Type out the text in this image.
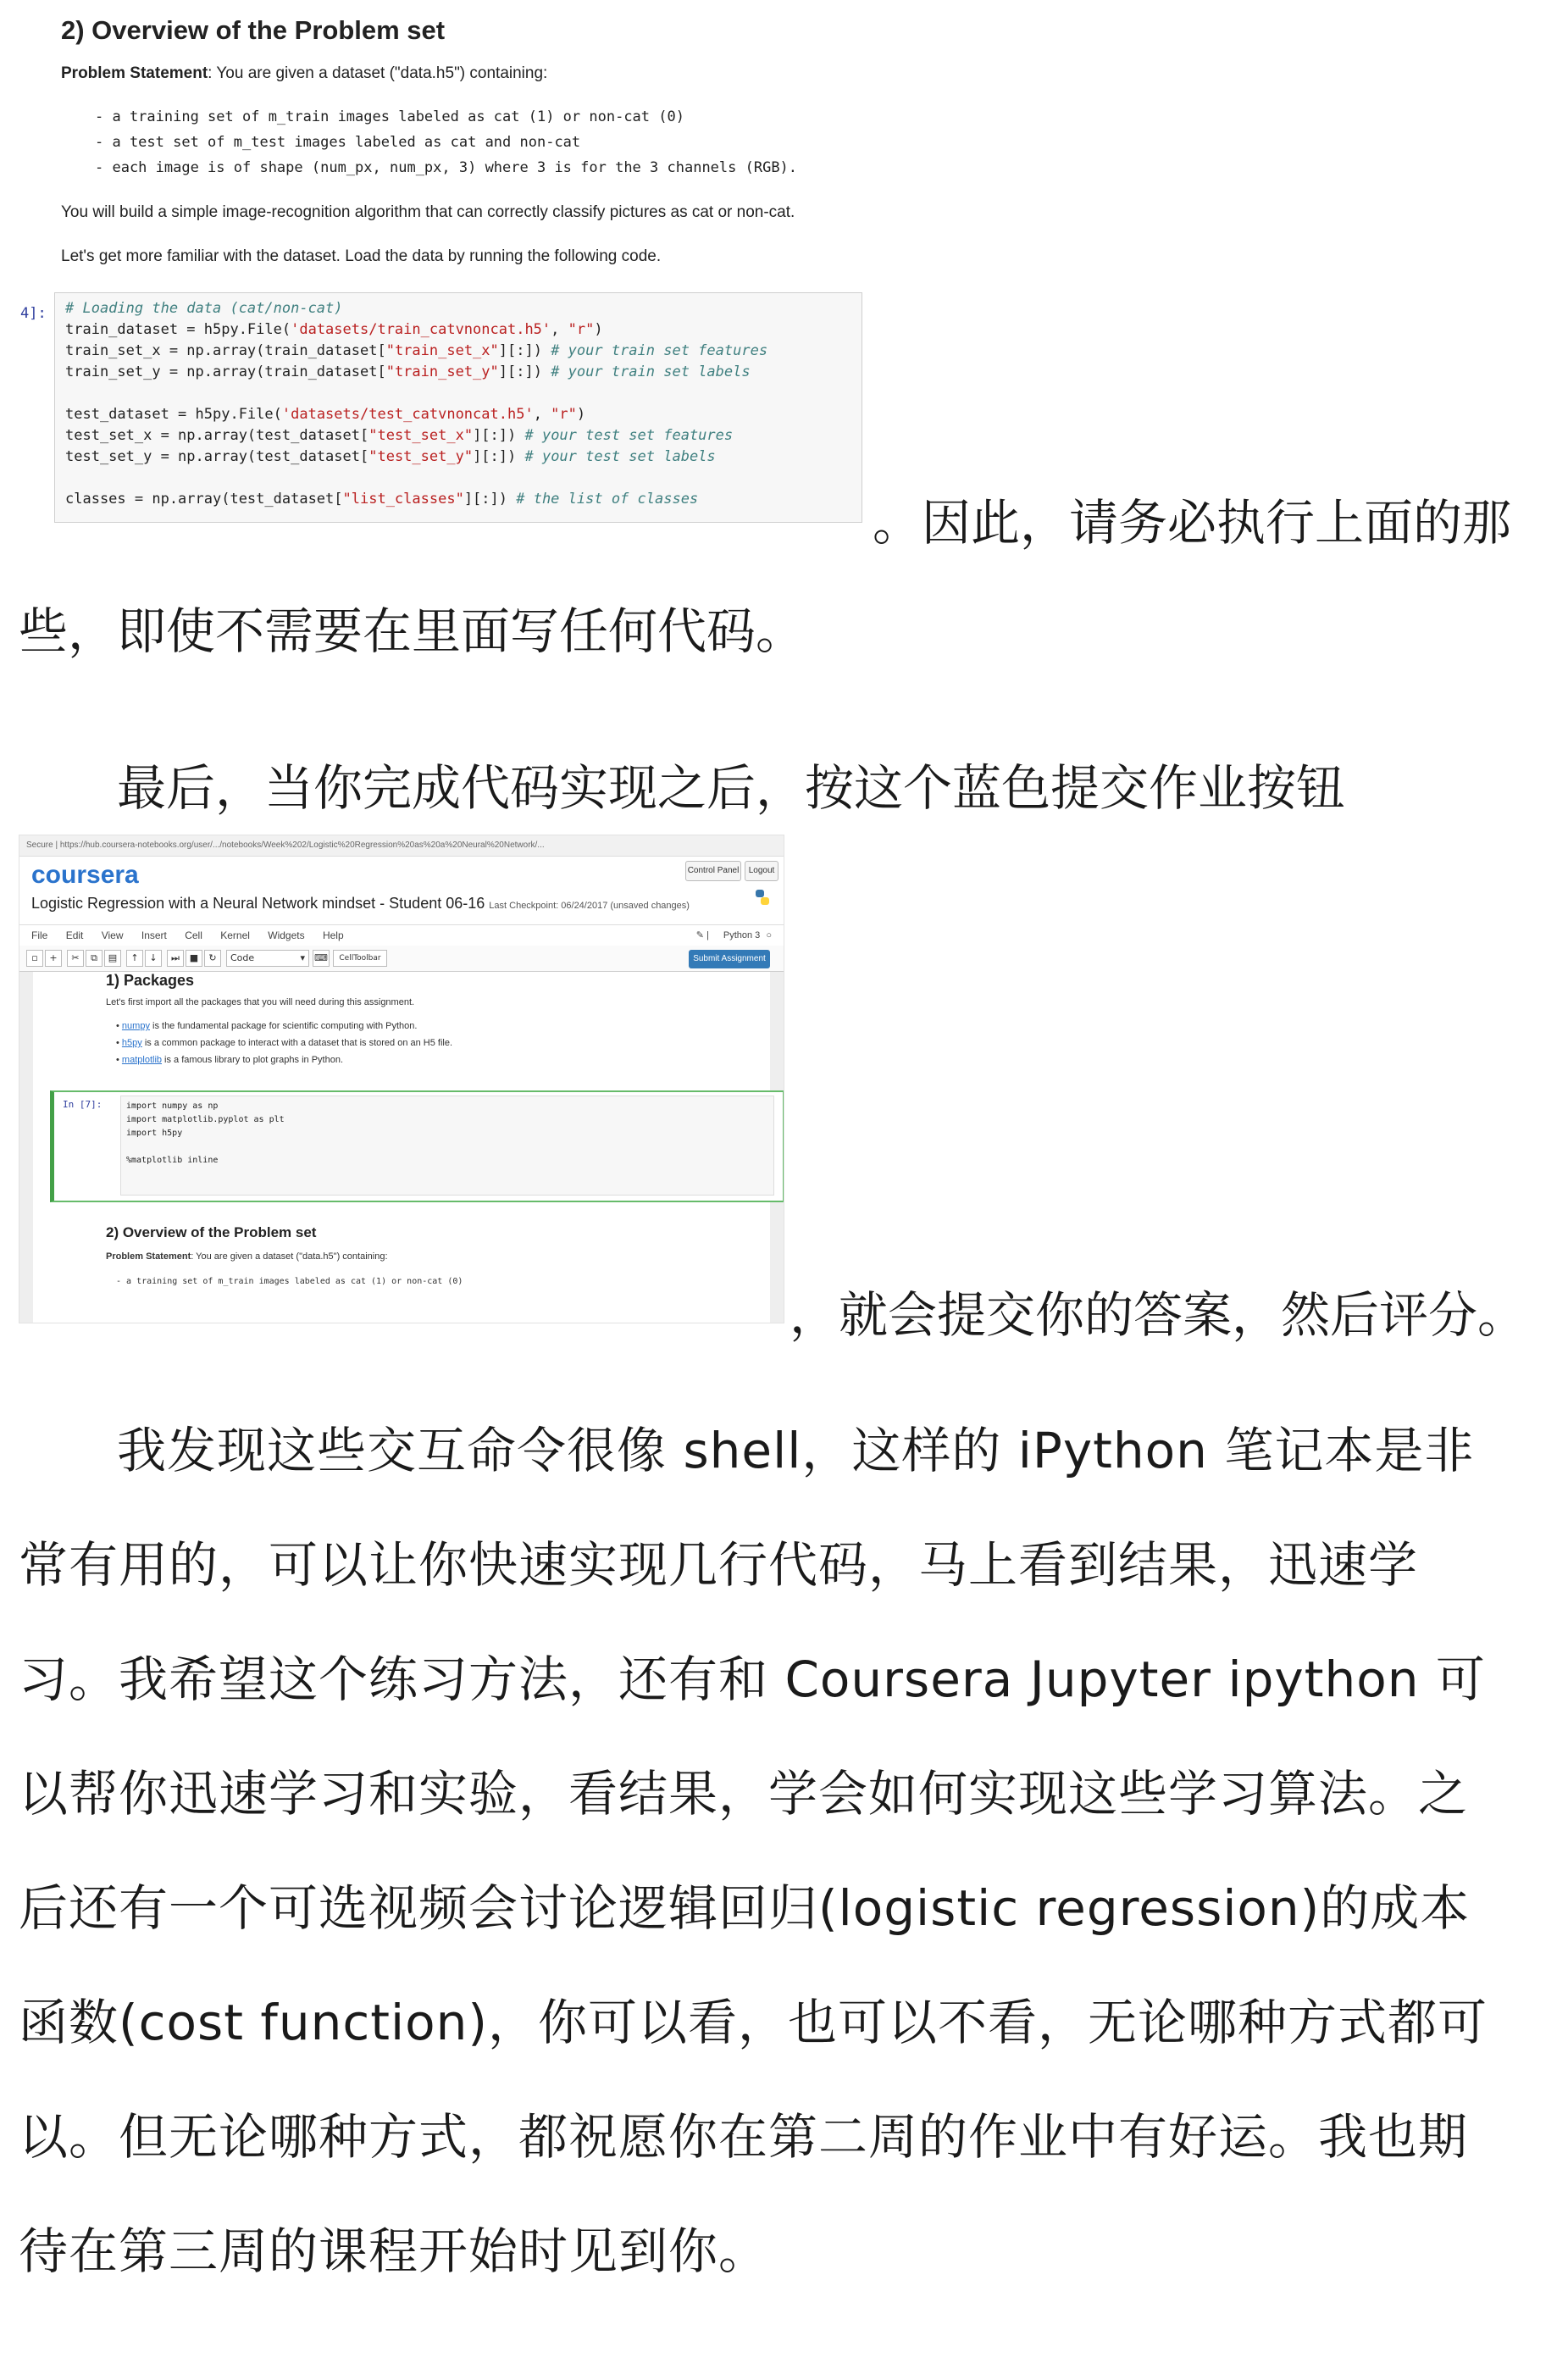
2) Overview of the Problem set
Problem Statement: You are given a dataset ("data.h5") containing:
- a training set of m_train images labeled as cat (1) or non-cat (0)
- a test set of m_test images labeled as cat and non-cat
- each image is of shape (num_px, num_px, 3) where 3 is for the 3 channels (RGB).
You will build a simple image-recognition algorithm that can correctly classify pictures as cat or non-cat.
Let's get more familiar with the dataset. Load the data by running the following code.
4]: # Loading the data (cat/non-cat)
train_dataset = h5py.File('datasets/train_catvnoncat.h5', "r")
train_set_x = np.array(train_dataset["train_set_x"][:]) # your train set features
train_set_y = np.array(train_dataset["train_set_y"][:]) # your train set labels
test_dataset = h5py.File('datasets/test_catvnoncat.h5', "r")
test_set_x = np.array(test_dataset["test_set_x"][:]) # your test set features
test_set_y = np.array(test_dataset["test_set_y"][:]) # your test set labels
classes = np.array(test_dataset["list_classes"][:]) # the list of classes	。因此，请务必执行上面的那
些，即使不需要在里面写任何代码。
最后，当你完成代码实现之后，按这个蓝色提交作业按钮
Secure | https://hub.coursera-notebooks.org/user/.../notebooks/Week%202/Logistic%20Regression%20as%20a%20Neural%20Network/...
coursera	Control Panel	Logout
Logistic Regression with a Neural Network mindset - Student 06-16 Last Checkpoint: 06/24/2017 (unsaved changes)
File Edit View Insert Cell Kernel Widgets Help	✎ | Python 3 ○
▫	+	✂	⧉	▤	↑	↓	⏭	■	↻	Code	▾ ⌨	CellToolbar	Submit Assignment
1) Packages
Let's first import all the packages that you will need during this assignment.
• numpy is the fundamental package for scientific computing with Python.
• h5py is a common package to interact with a dataset that is stored on an H5 file.
• matplotlib is a famous library to plot graphs in Python.
In [7]:	import numpy as np
import matplotlib.pyplot as plt
import h5py
%matplotlib inline
2) Overview of the Problem set
Problem Statement: You are given a dataset ("data.h5") containing:
- a training set of m_train images labeled as cat (1) or non-cat (0)
，就会提交你的答案，然后评分。
我发现这些交互命令很像 shell，这样的 iPython 笔记本是非常有用的，可以让你快速实现几行代码，马上看到结果，迅速学习。我希望这个练习方法，还有和 Coursera Jupyter ipython 可以帮你迅速学习和实验，看结果，学会如何实现这些学习算法。之后还有一个可选视频会讨论逻辑回归(logistic regression)的成本函数(cost function)，你可以看，也可以不看，无论哪种方式都可以。但无论哪种方式，都祝愿你在第二周的作业中有好运。我也期待在第三周的课程开始时见到你。
